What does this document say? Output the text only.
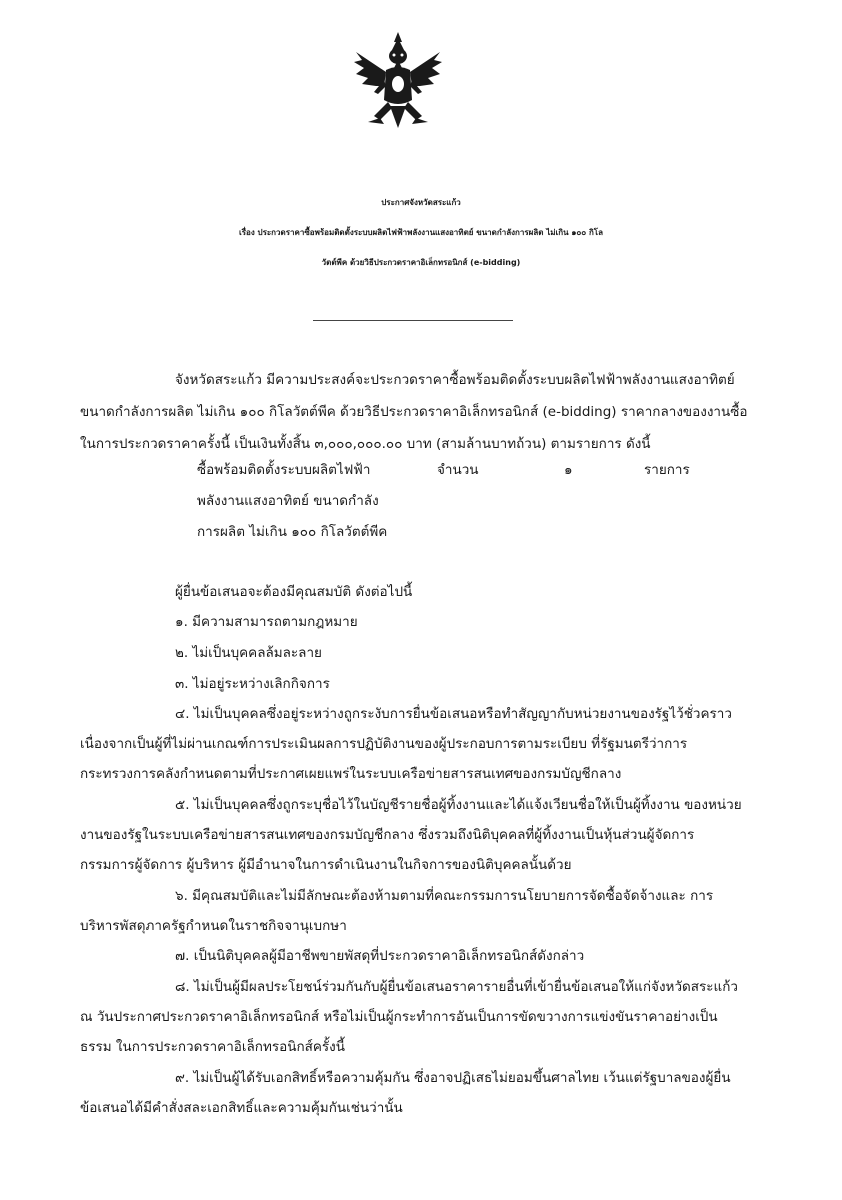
ประกาศจังหวัดสระแก้ว
เรื่อง ประกวดราคาซื้อพร้อมติดตั้งระบบผลิตไฟฟ้าพลังงานแสงอาทิตย์ ขนาดกำลังการผลิต ไม่เกิน ๑๐๐ กิโล
วัตต์พีค ด้วยวิธีประกวดราคาอิเล็กทรอนิกส์ (e-bidding)
จังหวัดสระแก้ว มีความประสงค์จะประกวดราคาซื้อพร้อมติดตั้งระบบผลิตไฟฟ้าพลังงานแสงอาทิตย์
ขนาดกำลังการผลิต ไม่เกิน ๑๐๐ กิโลวัตต์พีค ด้วยวิธีประกวดราคาอิเล็กทรอนิกส์ (e-bidding) ราคากลางของงานซื้อ
ในการประกวดราคาครั้งนี้ เป็นเงินทั้งสิ้น ๓,๐๐๐,๐๐๐.๐๐ บาท (สามล้านบาทถ้วน) ตามรายการ ดังนี้
ซื้อพร้อมติดตั้งระบบผลิตไฟฟ้า	จำนวน	๑	รายการ
พลังงานแสงอาทิตย์ ขนาดกำลัง
การผลิต ไม่เกิน ๑๐๐ กิโลวัตต์พีค
ผู้ยื่นข้อเสนอจะต้องมีคุณสมบัติ ดังต่อไปนี้
๑. มีความสามารถตามกฎหมาย
๒. ไม่เป็นบุคคลล้มละลาย
๓. ไม่อยู่ระหว่างเลิกกิจการ
๔. ไม่เป็นบุคคลซึ่งอยู่ระหว่างถูกระงับการยื่นข้อเสนอหรือทำสัญญากับหน่วยงานของรัฐไว้ชั่วคราว
เนื่องจากเป็นผู้ที่ไม่ผ่านเกณฑ์การประเมินผลการปฏิบัติงานของผู้ประกอบการตามระเบียบ ที่รัฐมนตรีว่าการ
กระทรวงการคลังกำหนดตามที่ประกาศเผยแพร่ในระบบเครือข่ายสารสนเทศของกรมบัญชีกลาง
๕. ไม่เป็นบุคคลซึ่งถูกระบุชื่อไว้ในบัญชีรายชื่อผู้ทิ้งงานและได้แจ้งเวียนชื่อให้เป็นผู้ทิ้งงาน ของหน่วย
งานของรัฐในระบบเครือข่ายสารสนเทศของกรมบัญชีกลาง ซึ่งรวมถึงนิติบุคคลที่ผู้ทิ้งงานเป็นหุ้นส่วนผู้จัดการ
กรรมการผู้จัดการ ผู้บริหาร ผู้มีอำนาจในการดำเนินงานในกิจการของนิติบุคคลนั้นด้วย
๖. มีคุณสมบัติและไม่มีลักษณะต้องห้ามตามที่คณะกรรมการนโยบายการจัดซื้อจัดจ้างและ การ
บริหารพัสดุภาครัฐกำหนดในราชกิจจานุเบกษา
๗. เป็นนิติบุคคลผู้มีอาชีพขายพัสดุที่ประกวดราคาอิเล็กทรอนิกส์ดังกล่าว
๘. ไม่เป็นผู้มีผลประโยชน์ร่วมกันกับผู้ยื่นข้อเสนอราคารายอื่นที่เข้ายื่นข้อเสนอให้แก่จังหวัดสระแก้ว
ณ วันประกาศประกวดราคาอิเล็กทรอนิกส์ หรือไม่เป็นผู้กระทำการอันเป็นการขัดขวางการแข่งขันราคาอย่างเป็น
ธรรม ในการประกวดราคาอิเล็กทรอนิกส์ครั้งนี้
๙. ไม่เป็นผู้ได้รับเอกสิทธิ์หรือความคุ้มกัน ซึ่งอาจปฏิเสธไม่ยอมขึ้นศาลไทย เว้นแต่รัฐบาลของผู้ยื่น
ข้อเสนอได้มีคำสั่งสละเอกสิทธิ์และความคุ้มกันเช่นว่านั้น
